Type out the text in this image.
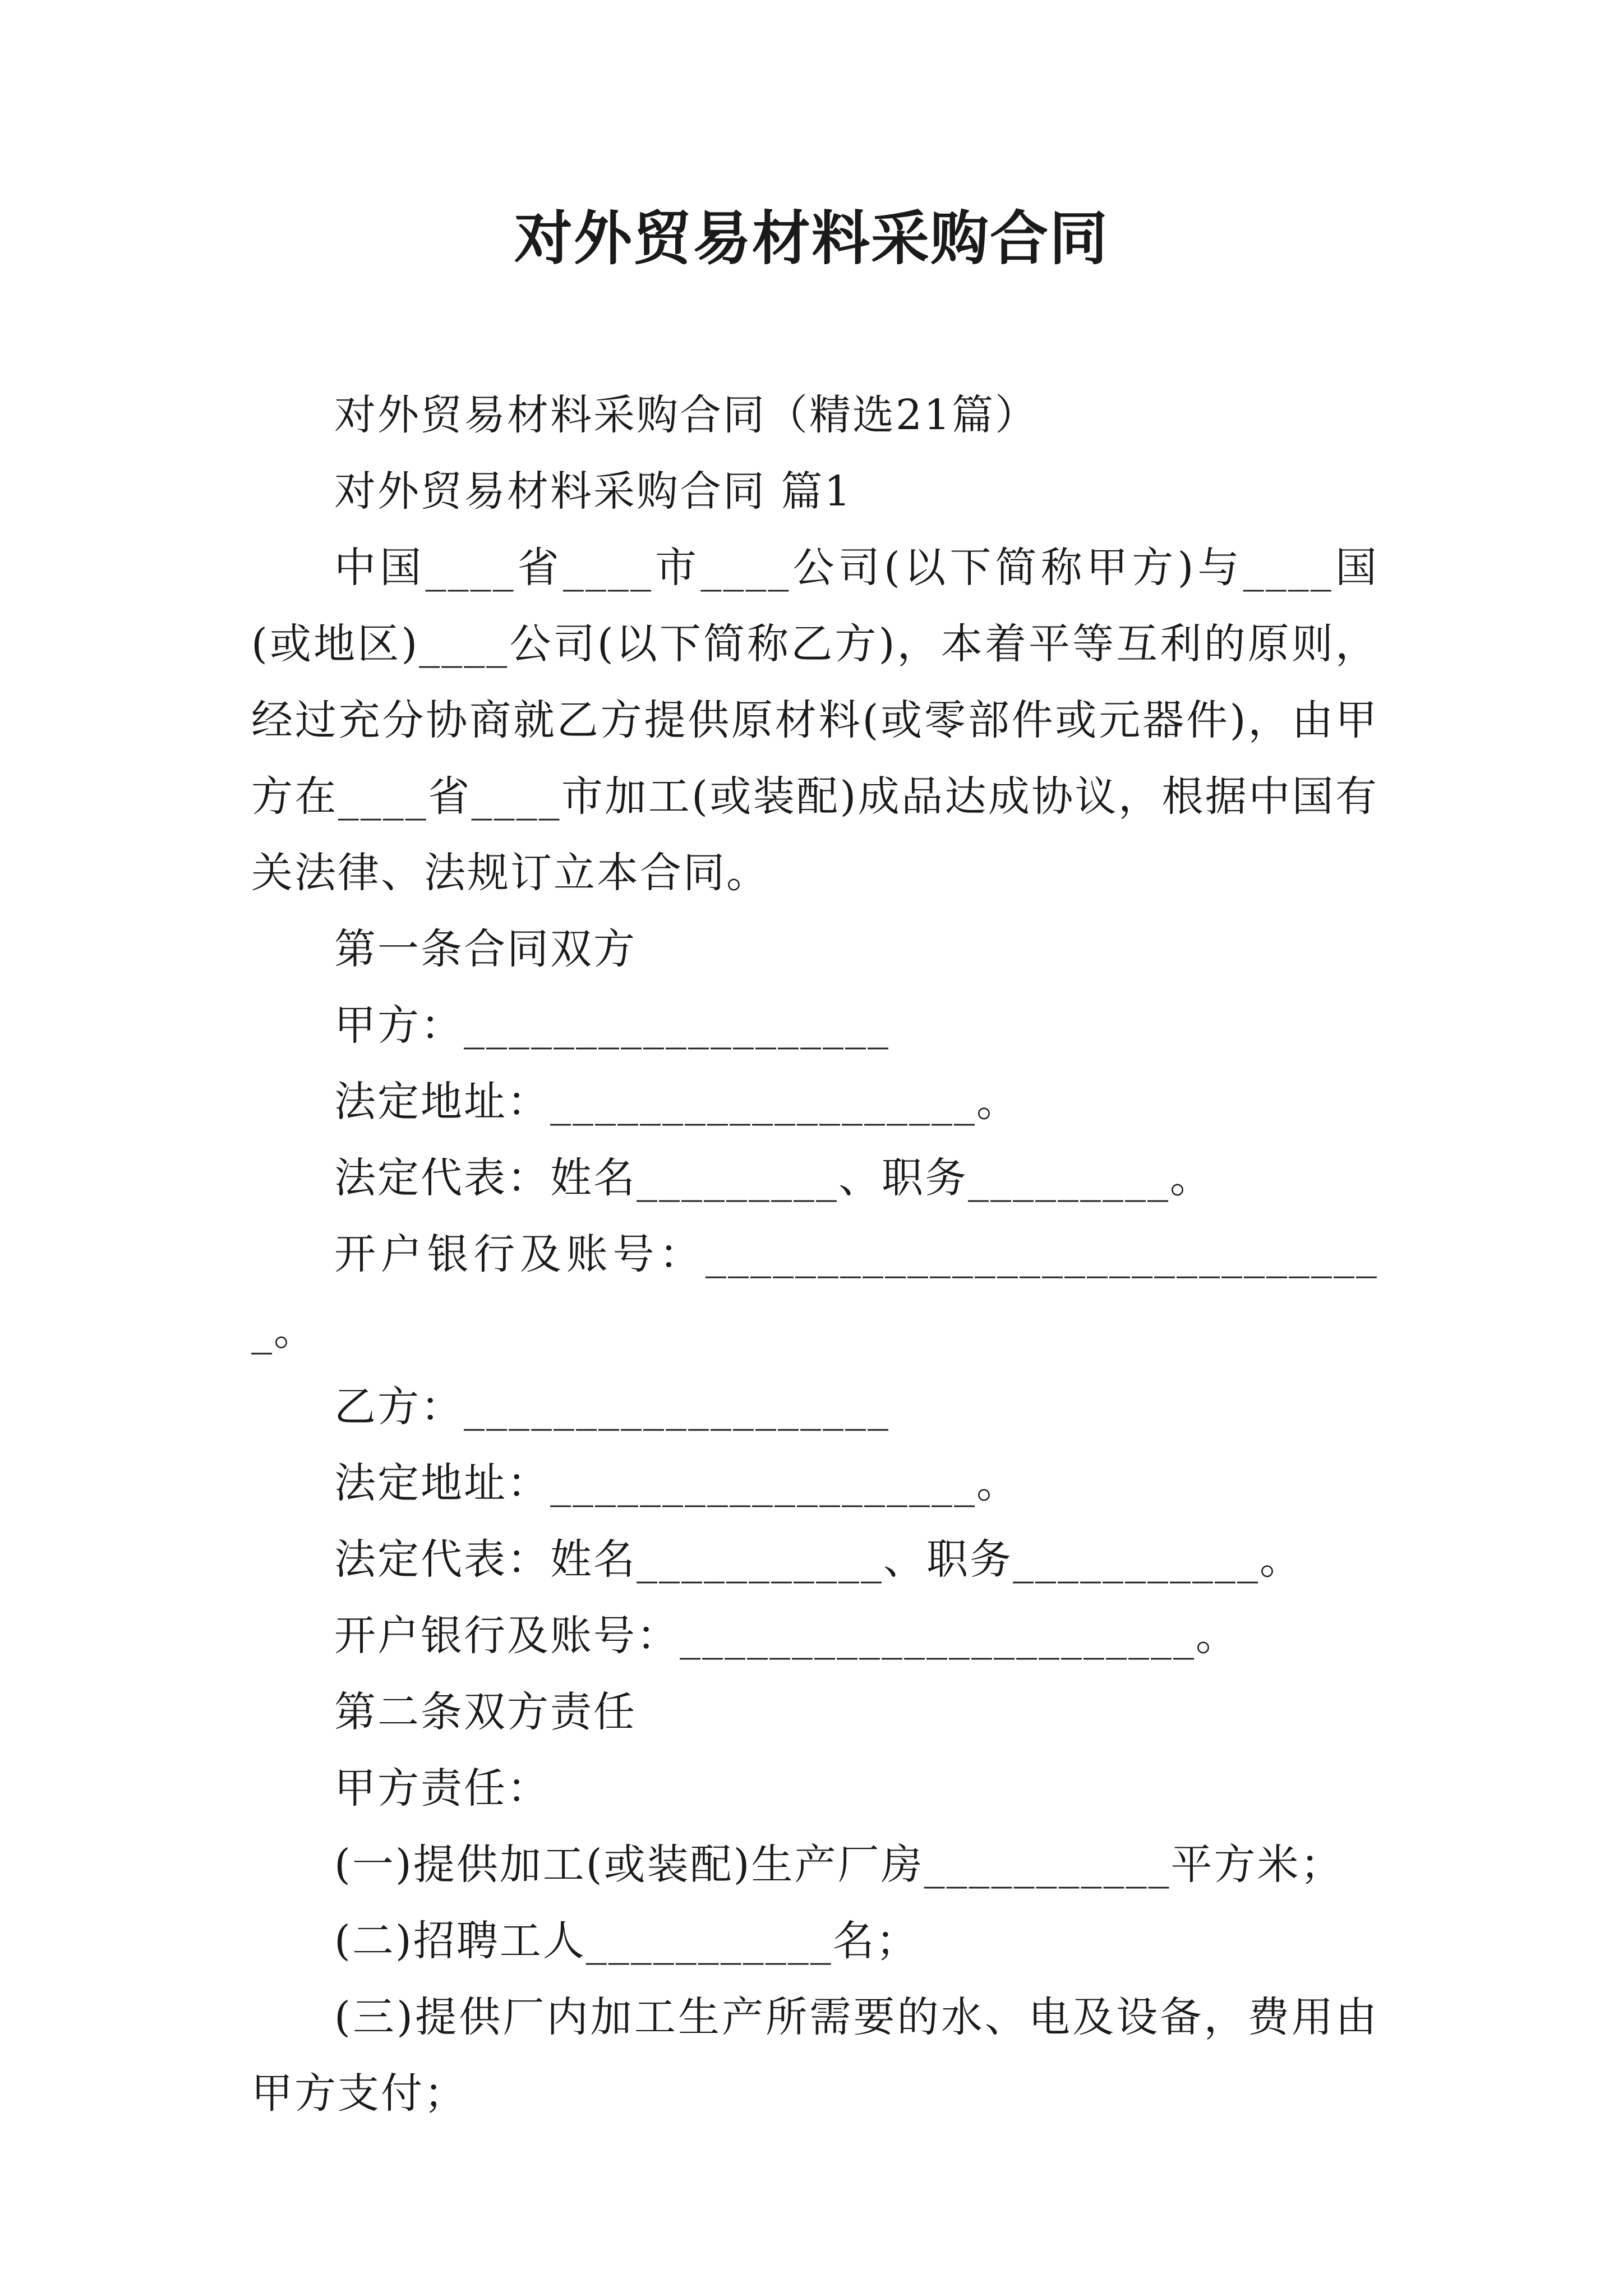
对外贸易材料采购合同

对外贸易材料采购合同（精选21篇）

对外贸易材料采购合同 篇1

中国____省____市____公司(以下简称甲方)与____国(或地区)____公司(以下简称乙方)，本着平等互利的原则，经过充分协商就乙方提供原材料(或零部件或元器件)，由甲方在____省____市加工(或装配)成品达成协议，根据中国有关法律、法规订立本合同。

第一条合同双方

甲方：___________________

法定地址：___________________。

法定代表：姓名_________、职务_________。

开户银行及账号：_______________________________。

乙方：___________________

法定地址：___________________。

法定代表：姓名___________、职务___________。

开户银行及账号：_______________________。

第二条双方责任

甲方责任：

(一)提供加工(或装配)生产厂房___________平方米；

(二)招聘工人___________名；

(三)提供厂内加工生产所需要的水、电及设备，费用由甲方支付；
